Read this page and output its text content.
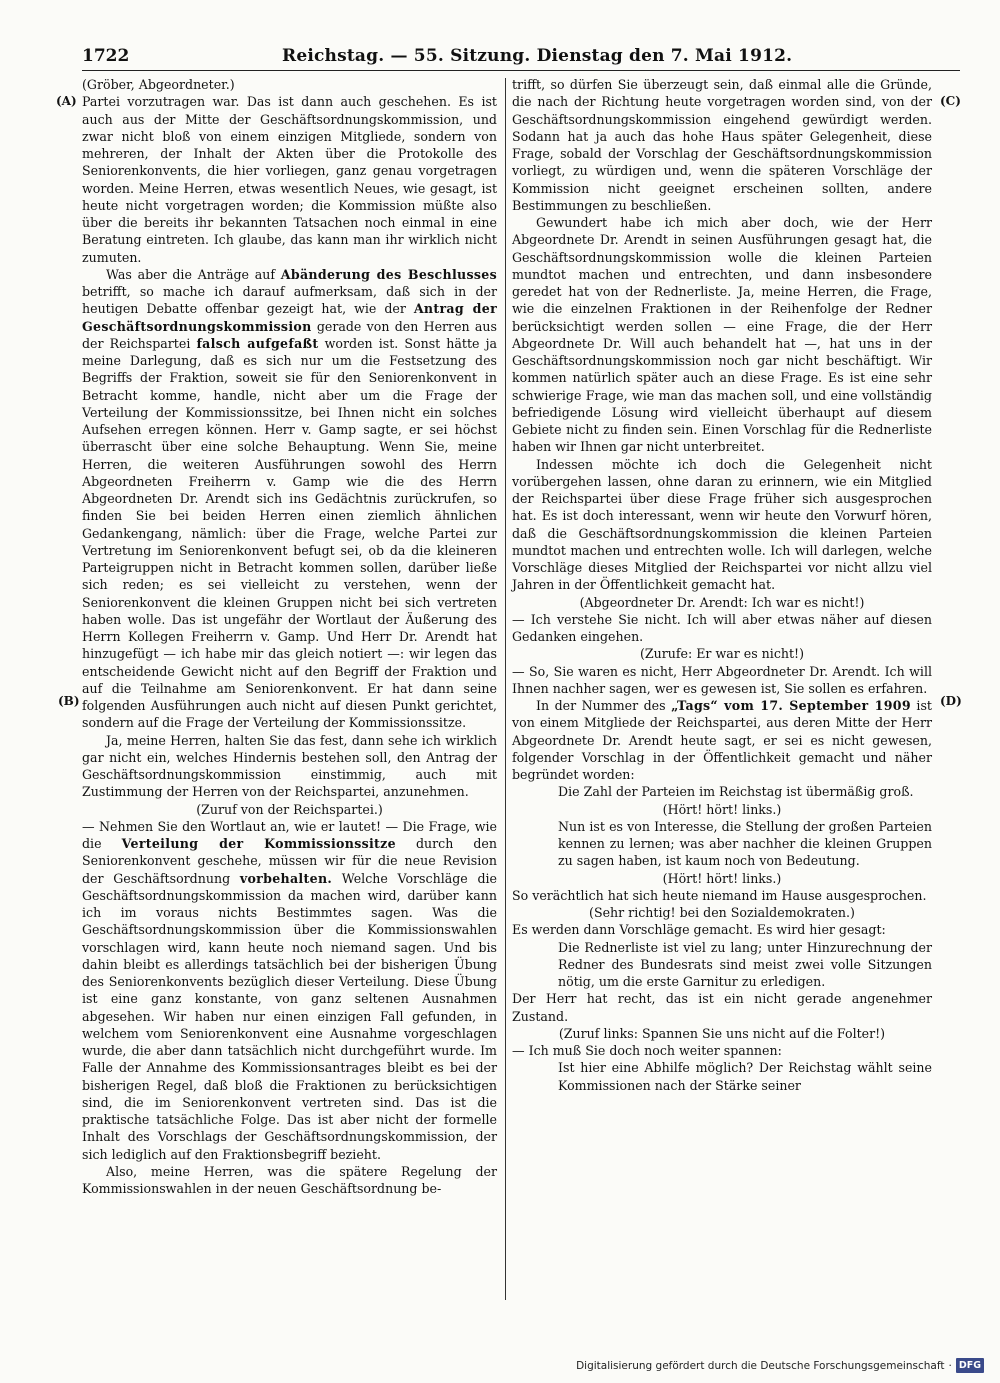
1722	Reichstag. — 55. Sitzung. Dienstag den 7. Mai 1912.
(A)
(B)
(C)
(D)

(Gröber, Abgeordneter.)

Partei vorzutragen war. Das ist dann auch geschehen. Es ist auch aus der Mitte der Geschäftsordnungskommission, und zwar nicht bloß von einem einzigen Mitgliede, sondern von mehreren, der Inhalt der Akten über die Protokolle des Seniorenkonvents, die hier vorliegen, ganz genau vorgetragen worden. Meine Herren, etwas wesentlich Neues, wie gesagt, ist heute nicht vorgetragen worden; die Kommission müßte also über die bereits ihr bekannten Tatsachen noch einmal in eine Beratung eintreten. Ich glaube, das kann man ihr wirklich nicht zumuten.

Was aber die Anträge auf Abänderung des Beschlusses betrifft, so mache ich darauf aufmerksam, daß sich in der heutigen Debatte offenbar gezeigt hat, wie der Antrag der Geschäftsordnungskommission gerade von den Herren aus der Reichspartei falsch aufgefaßt worden ist. Sonst hätte ja meine Darlegung, daß es sich nur um die Festsetzung des Begriffs der Fraktion, soweit sie für den Seniorenkonvent in Betracht komme, handle, nicht aber um die Frage der Verteilung der Kommissionssitze, bei Ihnen nicht ein solches Aufsehen erregen können. Herr v. Gamp sagte, er sei höchst überrascht über eine solche Behauptung. Wenn Sie, meine Herren, die weiteren Ausführungen sowohl des Herrn Abgeordneten Freiherrn v. Gamp wie die des Herrn Abgeordneten Dr. Arendt sich ins Gedächtnis zurückrufen, so finden Sie bei beiden Herren einen ziemlich ähnlichen Gedankengang, nämlich: über die Frage, welche Partei zur Vertretung im Seniorenkonvent befugt sei, ob da die kleineren Parteigruppen nicht in Betracht kommen sollen, darüber ließe sich reden; es sei vielleicht zu verstehen, wenn der Seniorenkonvent die kleinen Gruppen nicht bei sich vertreten haben wolle. Das ist ungefähr der Wortlaut der Äußerung des Herrn Kollegen Freiherrn v. Gamp. Und Herr Dr. Arendt hat hinzugefügt — ich habe mir das gleich notiert —: wir legen das entscheidende Gewicht nicht auf den Begriff der Fraktion und auf die Teilnahme am Seniorenkonvent. Er hat dann seine folgenden Ausführungen auch nicht auf diesen Punkt gerichtet, sondern auf die Frage der Verteilung der Kommissionssitze.

Ja, meine Herren, halten Sie das fest, dann sehe ich wirklich gar nicht ein, welches Hindernis bestehen soll, den Antrag der Geschäftsordnungskommission einstimmig, auch mit Zustimmung der Herren von der Reichspartei, anzunehmen.

(Zuruf von der Reichspartei.)

— Nehmen Sie den Wortlaut an, wie er lautet! — Die Frage, wie die Verteilung der Kommissionssitze durch den Seniorenkonvent geschehe, müssen wir für die neue Revision der Geschäftsordnung vorbehalten. Welche Vorschläge die Geschäftsordnungskommission da machen wird, darüber kann ich im voraus nichts Bestimmtes sagen. Was die Geschäftsordnungskommission über die Kommissionswahlen vorschlagen wird, kann heute noch niemand sagen. Und bis dahin bleibt es allerdings tatsächlich bei der bisherigen Übung des Seniorenkonvents bezüglich dieser Verteilung. Diese Übung ist eine ganz konstante, von ganz seltenen Ausnahmen abgesehen. Wir haben nur einen einzigen Fall gefunden, in welchem vom Seniorenkonvent eine Ausnahme vorgeschlagen wurde, die aber dann tatsächlich nicht durchgeführt wurde. Im Falle der Annahme des Kommissionsantrages bleibt es bei der bisherigen Regel, daß bloß die Fraktionen zu berücksichtigen sind, die im Seniorenkonvent vertreten sind. Das ist die praktische tatsächliche Folge. Das ist aber nicht der formelle Inhalt des Vorschlags der Geschäftsordnungskommission, der sich lediglich auf den Fraktionsbegriff bezieht.

Also, meine Herren, was die spätere Regelung der Kommissionswahlen in der neuen Geschäftsordnung be-

trifft, so dürfen Sie überzeugt sein, daß einmal alle die Gründe, die nach der Richtung heute vorgetragen worden sind, von der Geschäftsordnungskommission eingehend gewürdigt werden. Sodann hat ja auch das hohe Haus später Gelegenheit, diese Frage, sobald der Vorschlag der Geschäftsordnungskommission vorliegt, zu würdigen und, wenn die späteren Vorschläge der Kommission nicht geeignet erscheinen sollten, andere Bestimmungen zu beschließen.

Gewundert habe ich mich aber doch, wie der Herr Abgeordnete Dr. Arendt in seinen Ausführungen gesagt hat, die Geschäftsordnungskommission wolle die kleinen Parteien mundtot machen und entrechten, und dann insbesondere geredet hat von der Rednerliste. Ja, meine Herren, die Frage, wie die einzelnen Fraktionen in der Reihenfolge der Redner berücksichtigt werden sollen — eine Frage, die der Herr Abgeordnete Dr. Will auch behandelt hat —, hat uns in der Geschäftsordnungskommission noch gar nicht beschäftigt. Wir kommen natürlich später auch an diese Frage. Es ist eine sehr schwierige Frage, wie man das machen soll, und eine vollständig befriedigende Lösung wird vielleicht überhaupt auf diesem Gebiete nicht zu finden sein. Einen Vorschlag für die Rednerliste haben wir Ihnen gar nicht unterbreitet.

Indessen möchte ich doch die Gelegenheit nicht vorübergehen lassen, ohne daran zu erinnern, wie ein Mitglied der Reichspartei über diese Frage früher sich ausgesprochen hat. Es ist doch interessant, wenn wir heute den Vorwurf hören, daß die Geschäftsordnungskommission die kleinen Parteien mundtot machen und entrechten wolle. Ich will darlegen, welche Vorschläge dieses Mitglied der Reichspartei vor nicht allzu viel Jahren in der Öffentlichkeit gemacht hat.

(Abgeordneter Dr. Arendt: Ich war es nicht!)

— Ich verstehe Sie nicht. Ich will aber etwas näher auf diesen Gedanken eingehen.

(Zurufe: Er war es nicht!)

— So, Sie waren es nicht, Herr Abgeordneter Dr. Arendt. Ich will Ihnen nachher sagen, wer es gewesen ist, Sie sollen es erfahren.

In der Nummer des „Tags“ vom 17. September 1909 ist von einem Mitgliede der Reichspartei, aus deren Mitte der Herr Abgeordnete Dr. Arendt heute sagt, er sei es nicht gewesen, folgender Vorschlag in der Öffentlichkeit gemacht und näher begründet worden:

Die Zahl der Parteien im Reichstag ist übermäßig groß.

(Hört! hört! links.)

Nun ist es von Interesse, die Stellung der großen Parteien kennen zu lernen; was aber nachher die kleinen Gruppen zu sagen haben, ist kaum noch von Bedeutung.

(Hört! hört! links.)

So verächtlich hat sich heute niemand im Hause ausgesprochen.

(Sehr richtig! bei den Sozialdemokraten.)

Es werden dann Vorschläge gemacht. Es wird hier gesagt:

Die Rednerliste ist viel zu lang; unter Hinzurechnung der Redner des Bundesrats sind meist zwei volle Sitzungen nötig, um die erste Garnitur zu erledigen.

Der Herr hat recht, das ist ein nicht gerade angenehmer Zustand.

(Zuruf links: Spannen Sie uns nicht auf die Folter!)

— Ich muß Sie doch noch weiter spannen:

Ist hier eine Abhilfe möglich? Der Reichstag wählt seine Kommissionen nach der Stärke seiner

Digitalisierung gefördert durch die Deutsche Forschungsgemeinschaft · DFG
